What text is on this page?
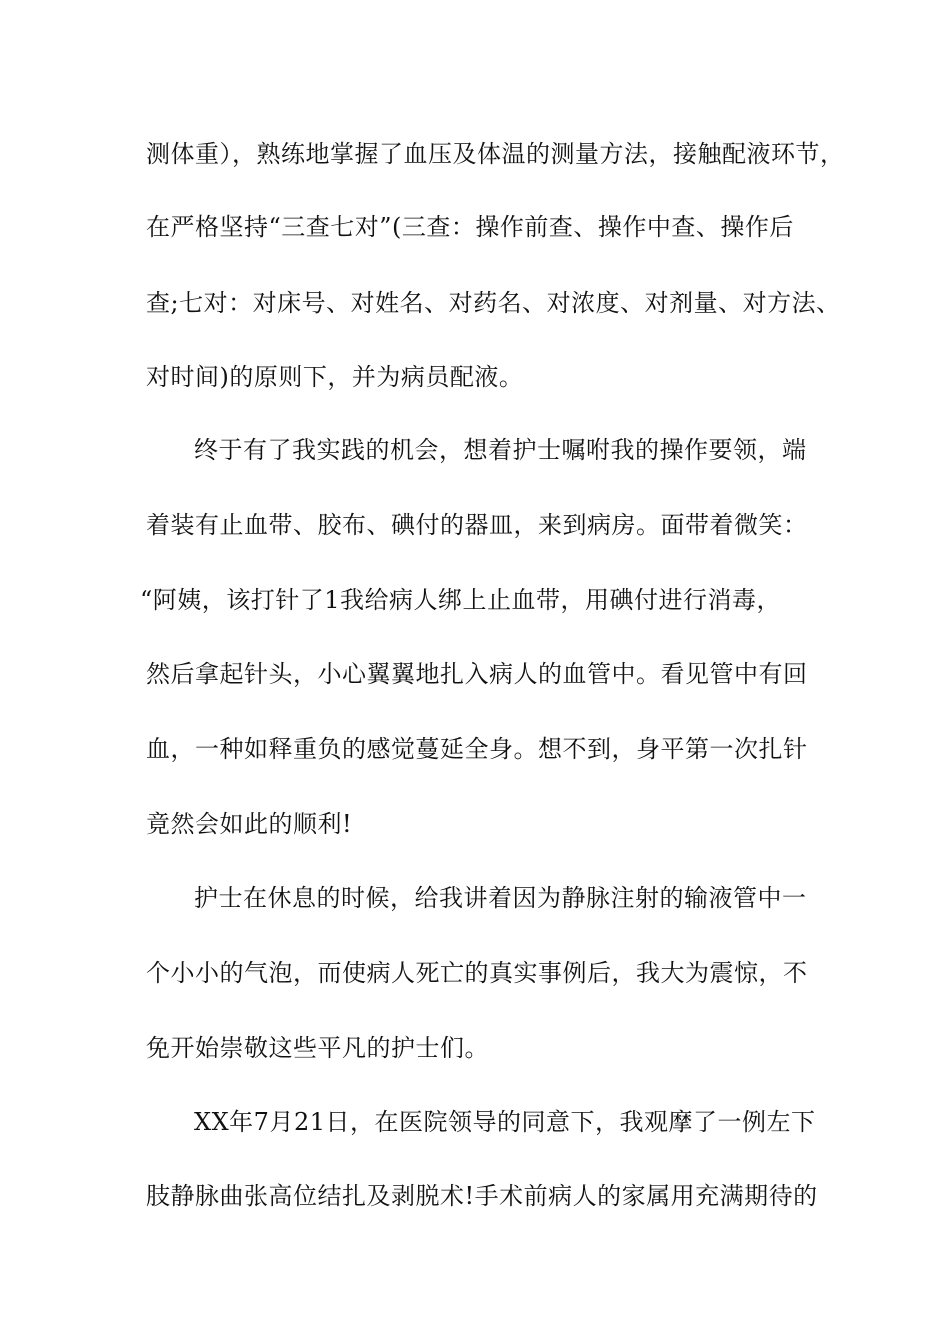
测体重），熟练地掌握了血压及体温的测量方法，接触配液环节，
在严格坚持“三查七对”(三查：操作前查、操作中查、操作后
查;七对：对床号、对姓名、对药名、对浓度、对剂量、对方法、
对时间)的原则下，并为病员配液。
终于有了我实践的机会，想着护士嘱咐我的操作要领，端
着装有止血带、胶布、碘付的器皿，来到病房。面带着微笑：
“阿姨，该打针了1我给病人绑上止血带，用碘付进行消毒，
然后拿起针头，小心翼翼地扎入病人的血管中。看见管中有回
血，一种如释重负的感觉蔓延全身。想不到，身平第一次扎针
竟然会如此的顺利!
护士在休息的时候，给我讲着因为静脉注射的输液管中一
个小小的气泡，而使病人死亡的真实事例后，我大为震惊，不
免开始崇敬这些平凡的护士们。
XX年7月21日，在医院领导的同意下，我观摩了一例左下
肢静脉曲张高位结扎及剥脱术!手术前病人的家属用充满期待的
